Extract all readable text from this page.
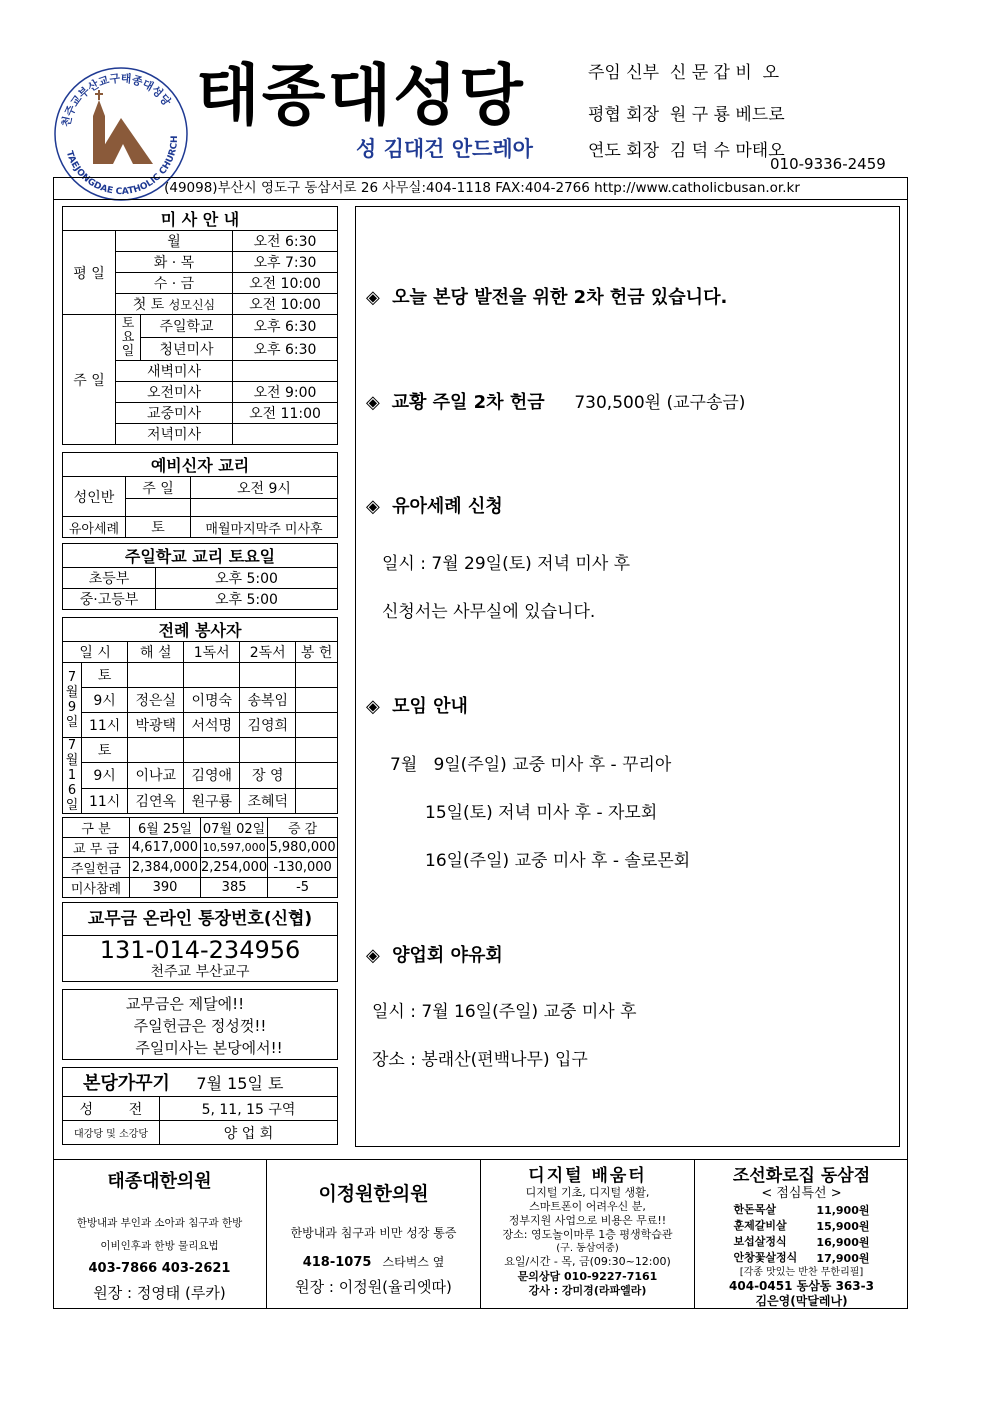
천주교부산교구태종대성당
TAEJONGDAE CATHOLIC CHURCH
태종대성당
성 김대건 안드레아
주임 신부  신 문 갑 비  오
평협 회장  원 구 룡 베드로
연도 회장  김 덕 수 마태오
010-9336-2459
(49098)부산시 영도구 동삼서로 26 사무실:404-1118 FAX:404-2766 http://www.catholicbusan.or.kr
미 사 안 내			
평 일	월		오전 6:30
	화 · 목		오후 7:30
	수 · 금		오전 10:00
	첫 토 성모신심		오전 10:00
주 일	토요일	주일학교	오후 6:30
		청년미사	오후 6:30
	새벽미사		
	오전미사		오전 9:00
	교중미사		오전 11:00
	저녁미사		
예비신자 교리		
성인반	주 일	오전 9시

유아세례	토	매월마지막주 미사후
주일학교 교리 토요일	
초등부	오후 5:00
중·고등부	오후 5:00
전례 봉사자					
일 시		해 설	1독서	2독서	봉 헌
7월9일	토				
	9시	정은실	이명숙	송복임	
	11시	박광택	서석명	김영희	
7월16일	토				
	9시	이나교	김영애	장 영	
	11시	김연옥	원구룡	조혜덕	
구 분	6월 25일	07월 02일	증 감
교 무 금	4,617,000	10,597,000	5,980,000
주일헌금	2,384,000	2,254,000	-130,000
미사참례	390	385	-5
교무금 온라인 통장번호(신협)
131-014-234956
천주교 부산교구
교무금은 제달에!!
주일헌금은 정성껏!!
주일미사는 본당에서!!
본당가꾸기 7월 15일 토	
성        전	5, 11, 15 구역
대강당 및 소강당	양 업 회
◈ 오늘 본당 발전을 위한 2차 헌금 있습니다.
◈ 교황 주일 2차 헌금 730,500원 (교구송금)
◈ 유아세례 신청
일시 : 7월 29일(토) 저녁 미사 후
신청서는 사무실에 있습니다.
◈ 모임 안내
7월   9일(주일) 교중 미사 후 - 꾸리아
15일(토) 저녁 미사 후 - 자모회
16일(주일) 교중 미사 후 - 솔로몬회
◈ 양업회 야유회
일시 : 7월 16일(주일) 교중 미사 후
장소 : 봉래산(편백나무) 입구
태종대한의원
한방내과 부인과 소아과 침구과 한방
이비인후과 한방 물리요법
403-7866 403-2621
원장 : 정영태 (루카)
이정원한의원
한방내과 침구과 비만 성장 통증
418-1075 스타벅스 옆
원장 : 이정원(율리엣따)
디지털 배움터
디지털 기초, 디지털 생활,
스마트폰이 어려우신 분,
정부지원 사업으로 비용은 무료!!
장소: 영도놀이마루 1층 평생학습관
(구. 동삼여중)
요일/시간 - 목, 금(09:30~12:00)
문의상담 010-9227-7161
강사 : 강미경(라파엘라)
조선화로집 동삼점
< 점심특선 >
한돈목살	11,900원
훈제갈비살	15,900원
보섭살정식	16,900원
안창꽃살정식	17,900원
[각종 맛있는 반찬 무한리필]
404-0451 동삼동 363-3
김은영(막달레나)
